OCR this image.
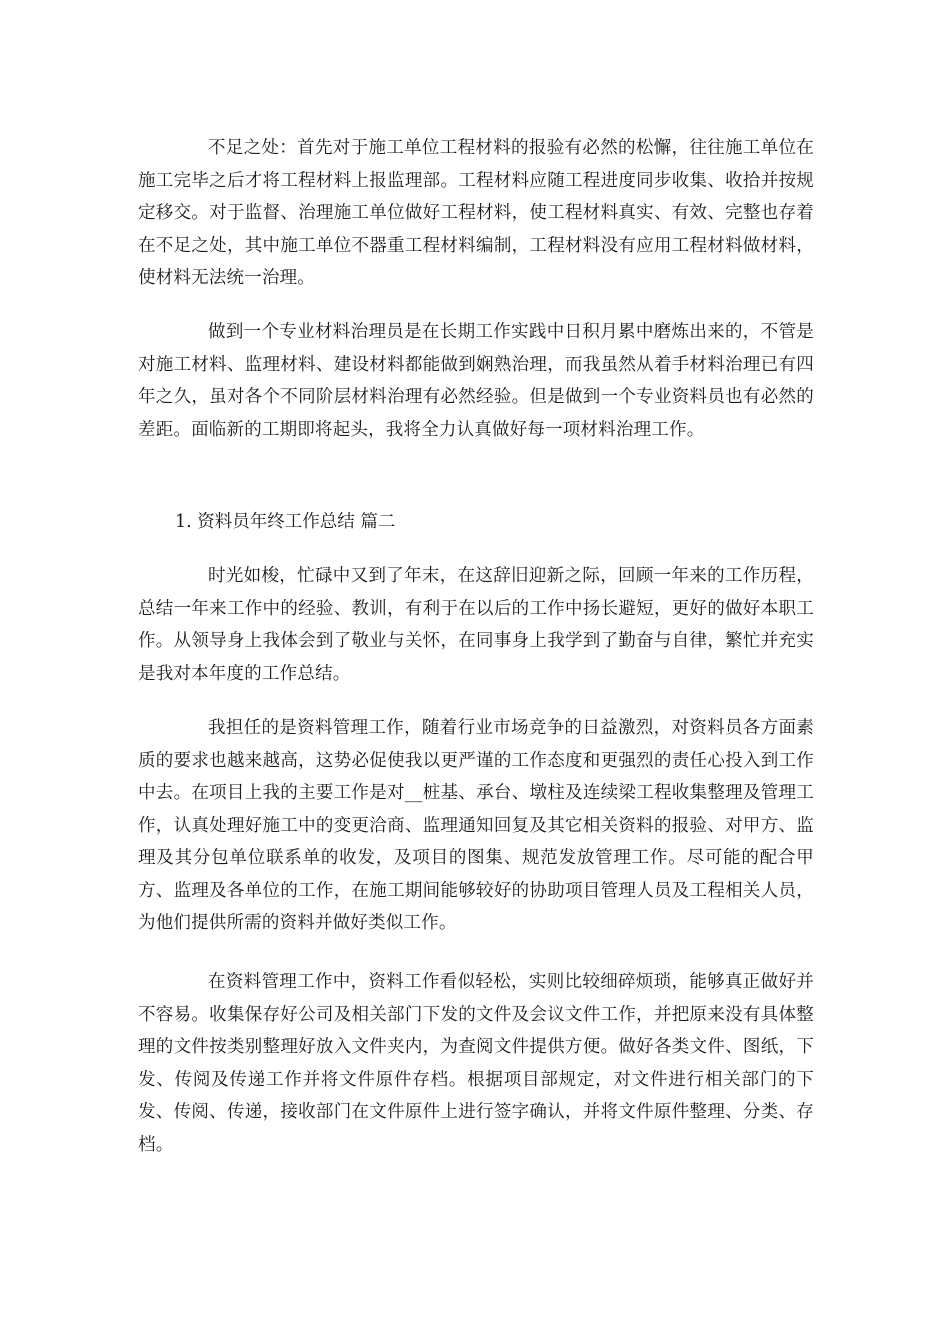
不足之处：首先对于施工单位工程材料的报验有必然的松懈，往往施工单位在施工完毕之后才将工程材料上报监理部。工程材料应随工程进度同步收集、收拾并按规定移交。对于监督、治理施工单位做好工程材料，使工程材料真实、有效、完整也存着在不足之处，其中施工单位不器重工程材料编制，工程材料没有应用工程材料做材料，使材料无法统一治理。

做到一个专业材料治理员是在长期工作实践中日积月累中磨炼出来的，不管是对施工材料、监理材料、建设材料都能做到娴熟治理，而我虽然从着手材料治理已有四年之久，虽对各个不同阶层材料治理有必然经验。但是做到一个专业资料员也有必然的差距。面临新的工期即将起头，我将全力认真做好每一项材料治理工作。

1. 资料员年终工作总结 篇二

时光如梭，忙碌中又到了年末，在这辞旧迎新之际，回顾一年来的工作历程，总结一年来工作中的经验、教训，有利于在以后的工作中扬长避短，更好的做好本职工作。从领导身上我体会到了敬业与关怀，在同事身上我学到了勤奋与自律，繁忙并充实是我对本年度的工作总结。

我担任的是资料管理工作，随着行业市场竞争的日益激烈，对资料员各方面素质的要求也越来越高，这势必促使我以更严谨的工作态度和更强烈的责任心投入到工作中去。在项目上我的主要工作是对__桩基、承台、墩柱及连续梁工程收集整理及管理工作，认真处理好施工中的变更洽商、监理通知回复及其它相关资料的报验、对甲方、监理及其分包单位联系单的收发，及项目的图集、规范发放管理工作。尽可能的配合甲方、监理及各单位的工作，在施工期间能够较好的协助项目管理人员及工程相关人员，为他们提供所需的资料并做好类似工作。

在资料管理工作中，资料工作看似轻松，实则比较细碎烦琐，能够真正做好并不容易。收集保存好公司及相关部门下发的文件及会议文件工作，并把原来没有具体整理的文件按类别整理好放入文件夹内，为查阅文件提供方便。做好各类文件、图纸，下发、传阅及传递工作并将文件原件存档。根据项目部规定，对文件进行相关部门的下发、传阅、传递，接收部门在文件原件上进行签字确认，并将文件原件整理、分类、存档。
